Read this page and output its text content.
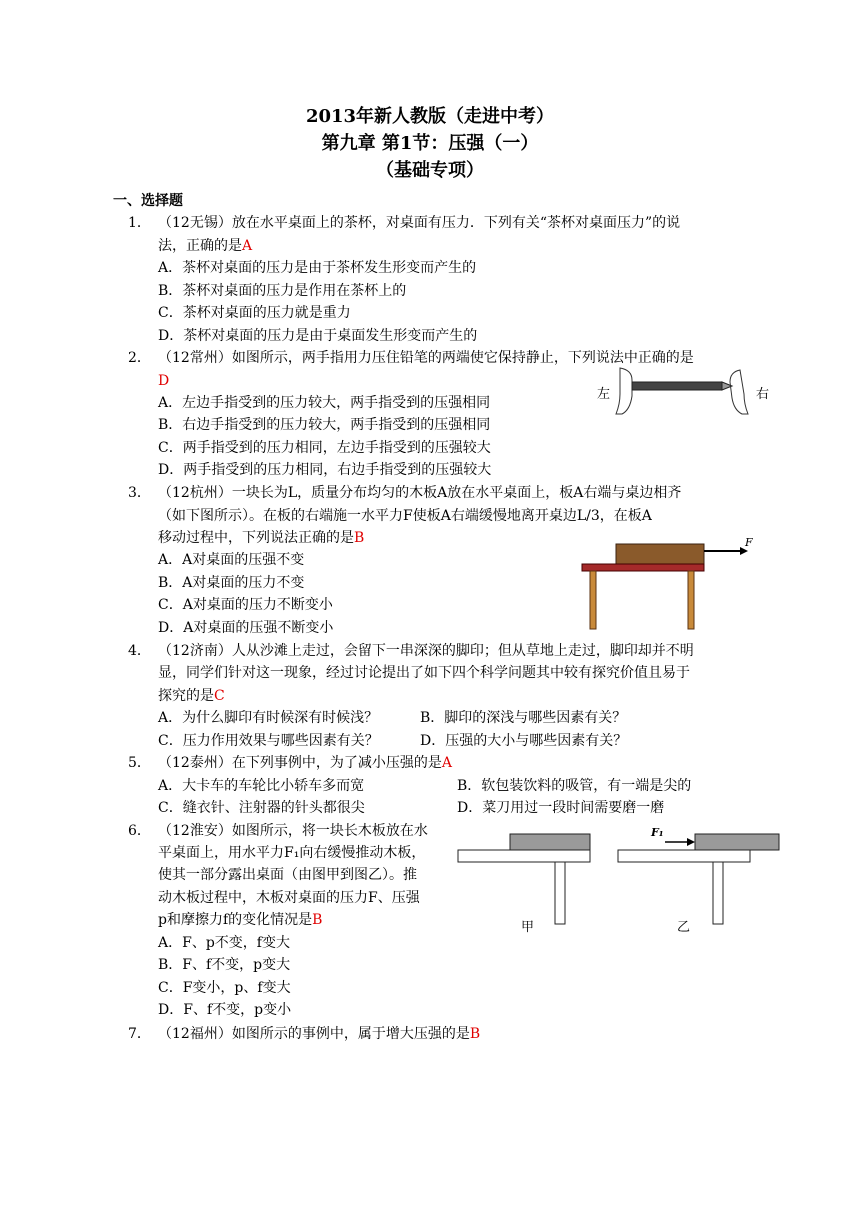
2013年新人教版（走进中考）
第九章 第1节：压强（一）
（基础专项）
一、选择题
1． （12无锡）放在水平桌面上的茶杯，对桌面有压力．下列有关“茶杯对桌面压力”的说
法，正确的是A
A．茶杯对桌面的压力是由于茶杯发生形变而产生的
B．茶杯对桌面的压力是作用在茶杯上的
C．茶杯对桌面的压力就是重力
D．茶杯对桌面的压力是由于桌面发生形变而产生的
2． （12常州）如图所示，两手指用力压住铅笔的两端使它保持静止，下列说法中正确的是
D
A．左边手指受到的压力较大，两手指受到的压强相同
B．右边手指受到的压力较大，两手指受到的压强相同
C．两手指受到的压力相同，左边手指受到的压强较大
D．两手指受到的压力相同，右边手指受到的压强较大
左	右
3． （12杭州）一块长为L，质量分布均匀的木板A放在水平桌面上，板A右端与桌边相齐
（如下图所示）。在板的右端施一水平力F使板A右端缓慢地离开桌边L/3，在板A
移动过程中，下列说法正确的是B
A．A对桌面的压强不变
B．A对桌面的压力不变
C．A对桌面的压力不断变小
D．A对桌面的压强不断变小
F
4． （12济南）人从沙滩上走过，会留下一串深深的脚印；但从草地上走过，脚印却并不明
显，同学们针对这一现象，经过讨论提出了如下四个科学问题其中较有探究价值且易于
探究的是C
A．为什么脚印有时候深有时候浅？	B．脚印的深浅与哪些因素有关？
C．压力作用效果与哪些因素有关？	D．压强的大小与哪些因素有关？
5． （12泰州）在下列事例中，为了减小压强的是A
A．大卡车的车轮比小轿车多而宽	B．软包装饮料的吸管，有一端是尖的
C．缝衣针、注射器的针头都很尖	D．菜刀用过一段时间需要磨一磨
6． （12淮安）如图所示，将一块长木板放在水
平桌面上，用水平力F₁向右缓慢推动木板，
使其一部分露出桌面（由图甲到图乙）。推
动木板过程中，木板对桌面的压力F、压强
p和摩擦力f的变化情况是B
A．F、p不变，f变大
B．F、f不变，p变大
C．F变小，p、f变大
D．F、f不变，p变小
F₁
甲	乙
7． （12福州）如图所示的事例中，属于增大压强的是B
